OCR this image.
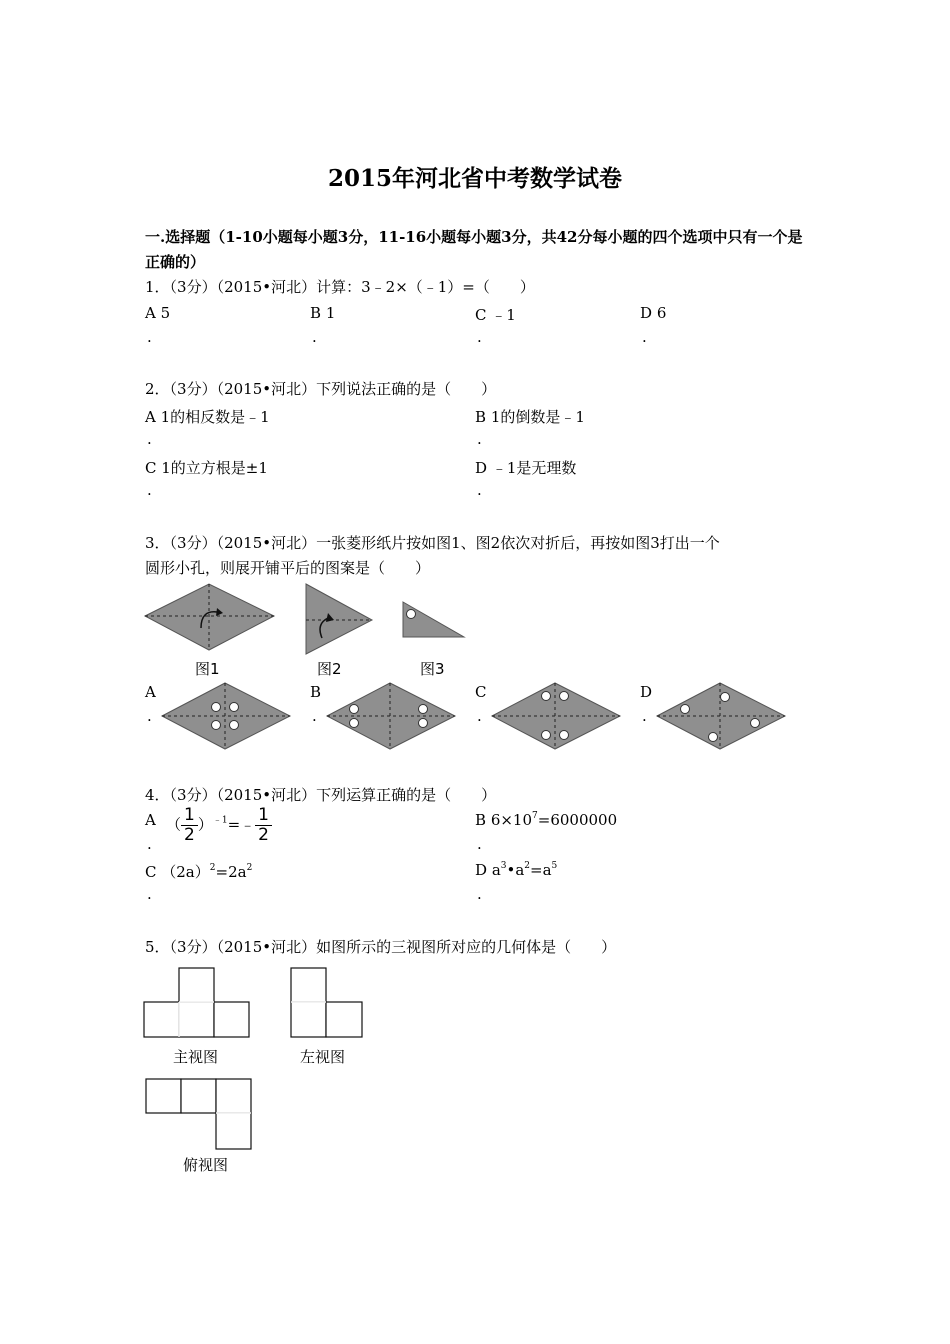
2015年河北省中考数学试卷
一.选择题（1-10小题每小题3分，11-16小题每小题3分，共42分每小题的四个选项中只有一个是正确的）
1．（3分）（2015•河北）计算：3﹣2×（﹣1）=（　　）
A 5
.
B 1
.
C ﹣1
.
D 6
.
2．（3分）（2015•河北）下列说法正确的是（　　）
A 1的相反数是﹣1
.
B 1的倒数是﹣1
.
C 1的立方根是±1
.
D ﹣1是无理数
.
3．（3分）（2015•河北）一张菱形纸片按如图1、图2依次对折后，再按如图3打出一个
圆形小孔，则展开铺平后的图案是（　　）
图1	图2	图3
A
.
B
.
C
.
D
.
4．（3分）（2015•河北）下列运算正确的是（　　）
A
.
（ $\frac{1}{2}$ ）$^{﹣1}$=﹣ $\frac{1}{2}$	B $6\times 10^7=6000000$
.
C $(2a)^2=2a^2$
.
D $a^3•a^2=a^5$
.
5．（3分）（2015•河北）如图所示的三视图所对应的几何体是（　　）
主视图	左视图
俯视图
